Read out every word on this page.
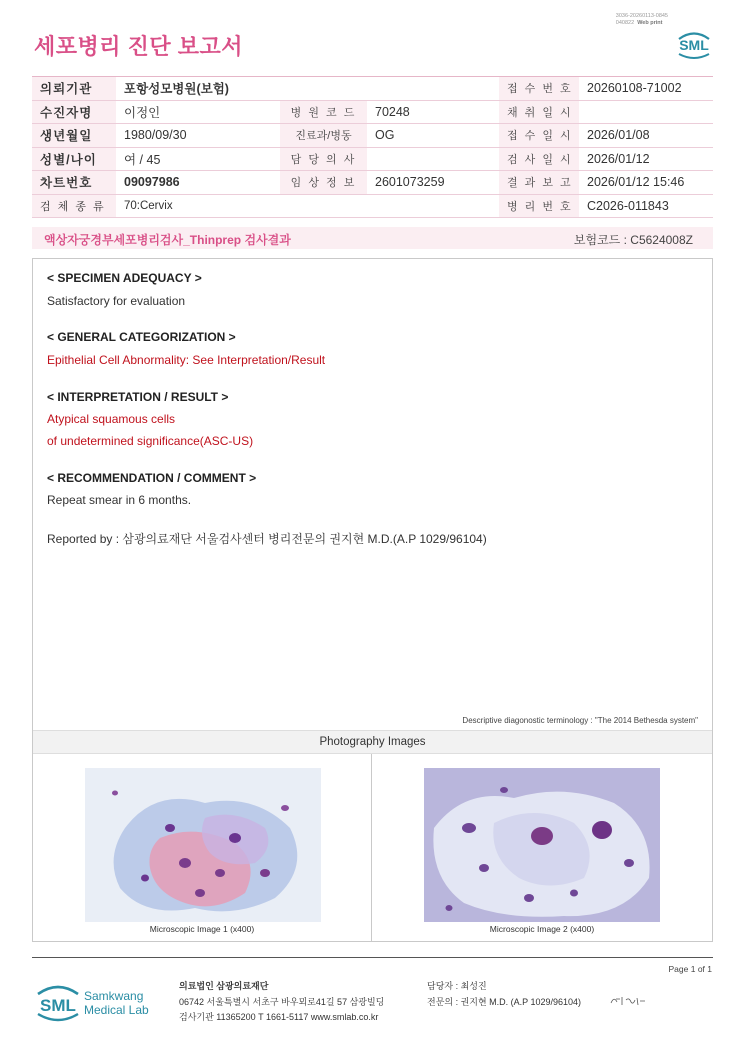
3036-20260113-0845
040822 Web print
세포병리 진단 보고서	SML
의뢰기관	포항성모병원(보험)			접 수 번 호	20260108-71002
수진자명	이정인	병 원 코 드	70248	채 취 일 시	
생년월일	1980/09/30	진료과/병동	OG	접 수 일 시	2026/01/08
성별/나이	여 / 45	담 당 의 사		검 사 일 시	2026/01/12
차트번호	09097986	임 상 정 보	2601073259	결 과 보 고	2026/01/12 15:46
검 체 종 류	70:Cervix			병 리 번 호	C2026-011843
액상자궁경부세포병리검사_Thinprep 검사결과	보험코드 : C5624008Z
< SPECIMEN ADEQUACY >
Satisfactory for evaluation
< GENERAL CATEGORIZATION >
Epithelial Cell Abnormality: See Interpretation/Result
< INTERPRETATION / RESULT >
Atypical squamous cells
of undetermined significance(ASC-US)
< RECOMMENDATION / COMMENT >
Repeat smear in 6 months.
Reported by : 삼광의료재단 서울검사센터 병리전문의 권지현 M.D.(A.P 1029/96104)
Descriptive diagonostic terminology : "The 2014 Bethesda system"
Photography Images
Microscopic Image 1 (x400)	Microscopic Image 2 (x400)
Page 1 of 1
SML Samkwang
Medical Lab
의료법인 삼광의료재단
06742 서울특별시 서초구 바우뫼로41길 57 삼광빌딩
검사기관 11365200 T 1661-5117 www.smlab.co.kr
담당자 : 최성진
전문의 : 권지현 M.D. (A.P 1029/96104)
